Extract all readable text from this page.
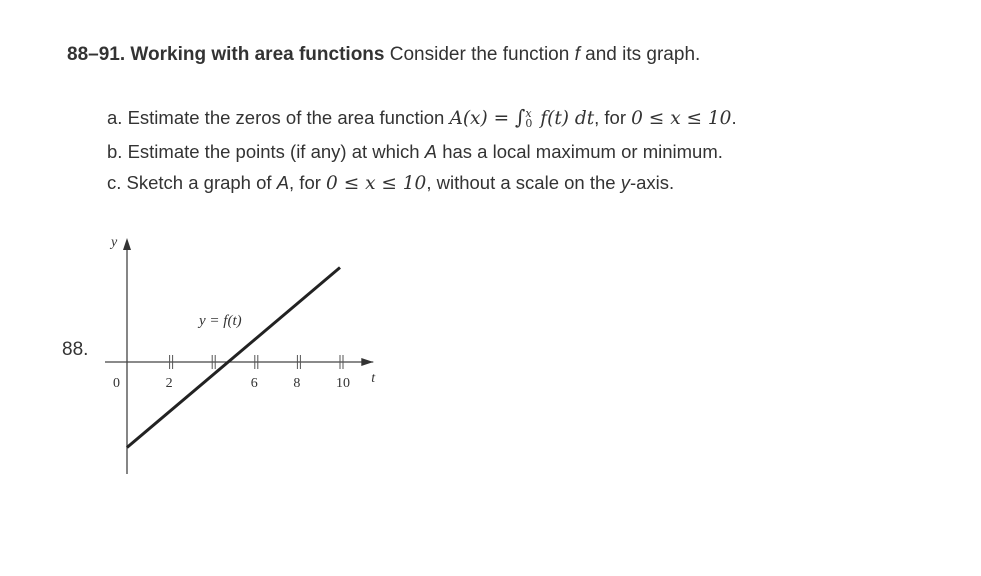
88–91. Working with area functions Consider the function f and its graph.
a. Estimate the zeros of the area function A(x) = ∫ x
0 f(t) dt, for 0 ≤ x ≤ 10.
b. Estimate the points (if any) at which A has a local maximum or minimum.
c. Sketch a graph of A, for 0 ≤ x ≤ 10, without a scale on the y-axis.
88.
y
t
0	2	6	8	10
y = f(t)
